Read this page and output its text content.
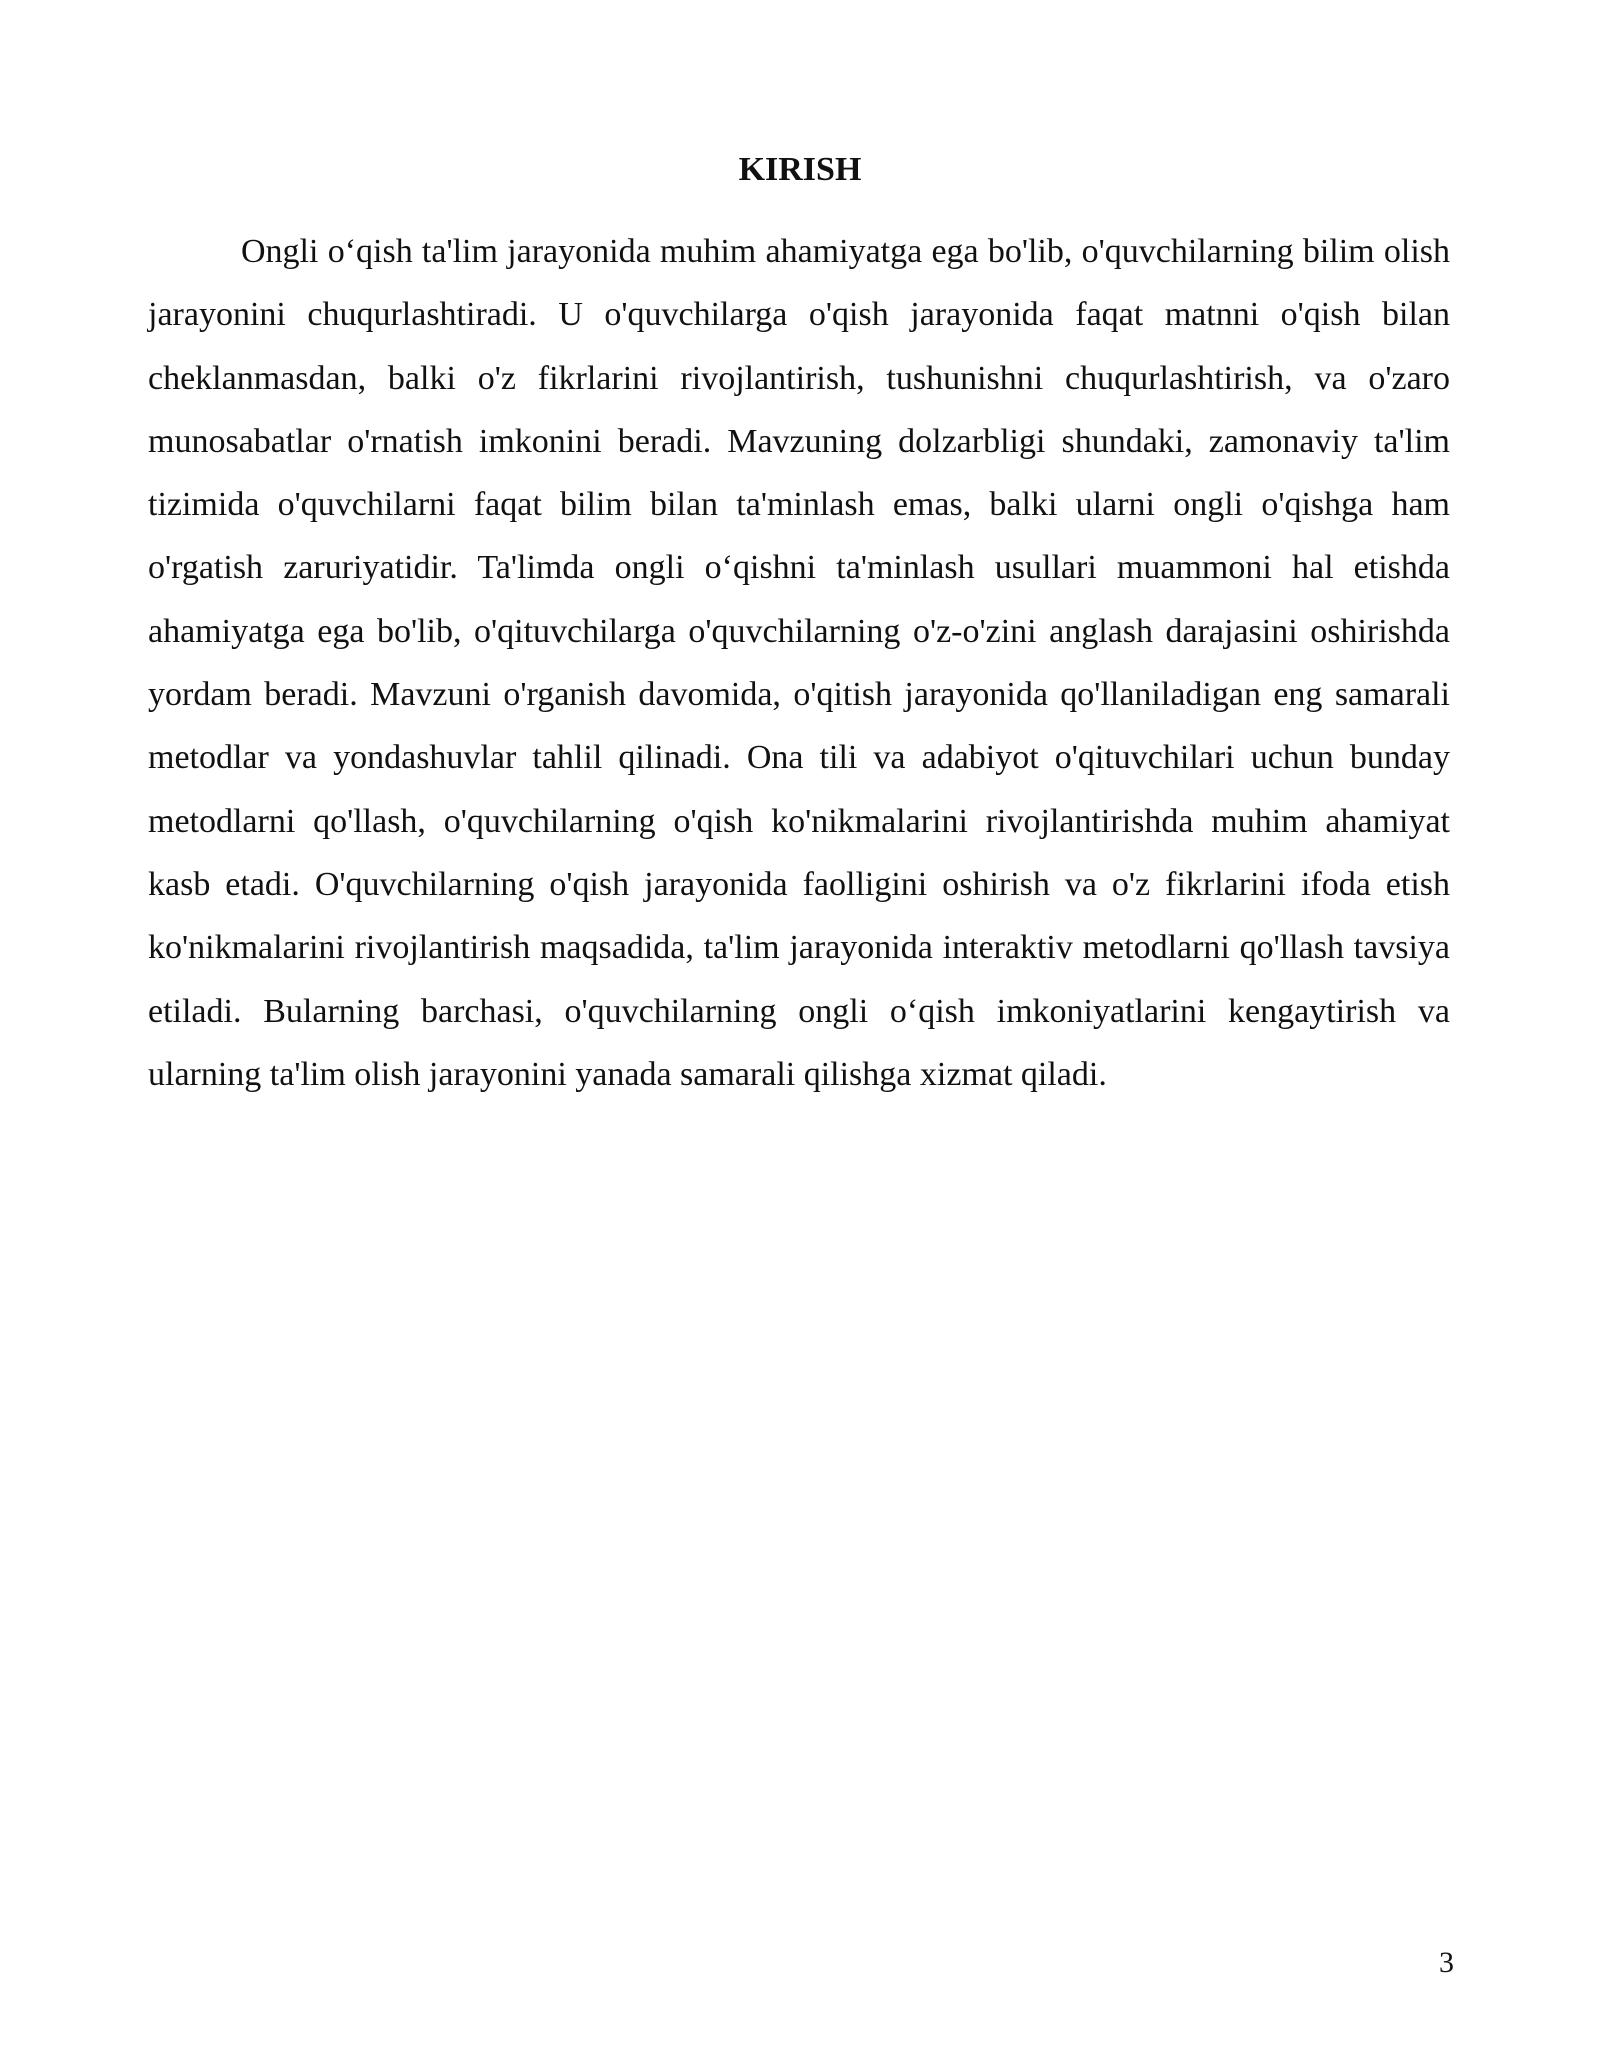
KIRISH

Ongli o‘qish ta'lim jarayonida muhim ahamiyatga ega bo'lib, o'quvchilarning bilim olish jarayonini chuqurlashtiradi. U o'quvchilarga o'qish jarayonida faqat matnni o'qish bilan cheklanmasdan, balki o'z fikrlarini rivojlantirish, tushunishni chuqurlashtirish, va o'zaro munosabatlar o'rnatish imkonini beradi. Mavzuning dolzarbligi shundaki, zamonaviy ta'lim tizimida o'quvchilarni faqat bilim bilan ta'minlash emas, balki ularni ongli o'qishga ham o'rgatish zaruriyatidir. Ta'limda ongli o‘qishni ta'minlash usullari muammoni hal etishda ahamiyatga ega bo'lib, o'qituvchilarga o'quvchilarning o'z-o'zini anglash darajasini oshirishda yordam beradi. Mavzuni o'rganish davomida, o'qitish jarayonida qo'llaniladigan eng samarali metodlar va yondashuvlar tahlil qilinadi. Ona tili va adabiyot o'qituvchilari uchun bunday metodlarni qo'llash, o'quvchilarning o'qish ko'nikmalarini rivojlantirishda muhim ahamiyat kasb etadi. O'quvchilarning o'qish jarayonida faolligini oshirish va o'z fikrlarini ifoda etish ko'nikmalarini rivojlantirish maqsadida, ta'lim jarayonida interaktiv metodlarni qo'llash tavsiya etiladi. Bularning barchasi, o'quvchilarning ongli o‘qish imkoniyatlarini kengaytirish va ularning ta'lim olish jarayonini yanada samarali qilishga xizmat qiladi.

3
